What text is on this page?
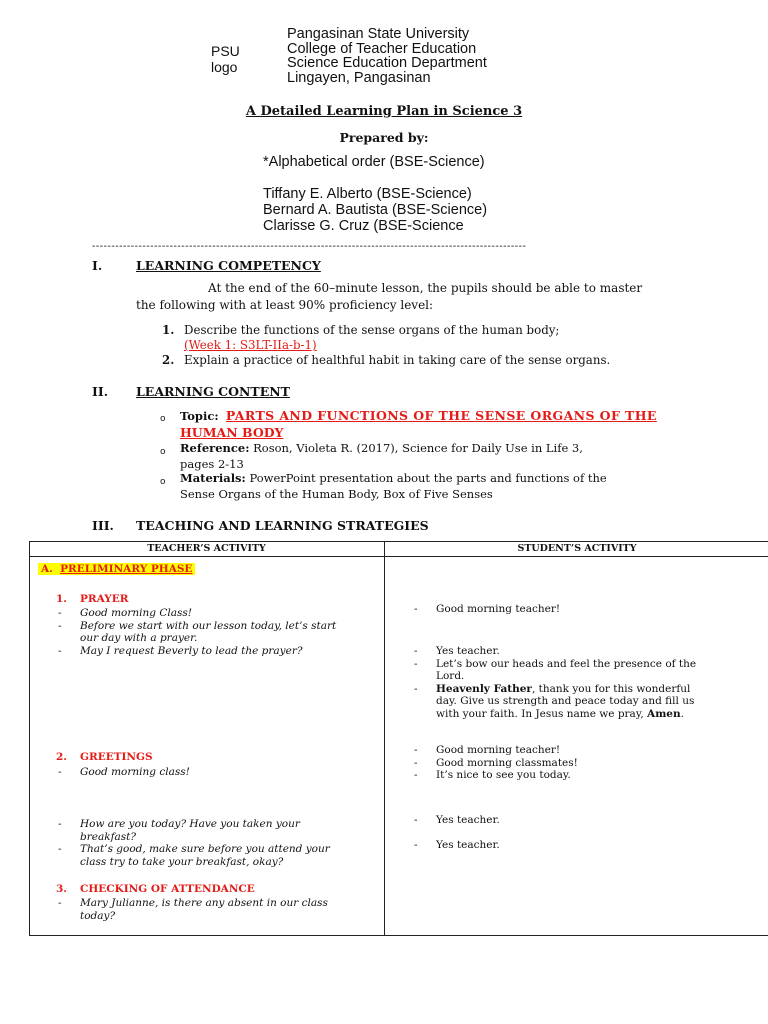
PSU
logo
Pangasinan State University
College of Teacher Education
Science Education Department
Lingayen, Pangasinan
A Detailed Learning Plan in Science 3
Prepared by:
*Alphabetical order (BSE-Science)
Tiffany E. Alberto (BSE-Science)
Bernard A. Bautista (BSE-Science)
Clarisse G. Cruz (BSE-Science
----------------------------------------------------------------------------------------------------------------
I.	LEARNING COMPETENCY
At the end of the 60–minute lesson, the pupils should be able to master
the following with at least 90% proficiency level:
1. Describe the functions of the sense organs of the human body;
(Week 1: S3LT-IIa-b-1)
2. Explain a practice of healthful habit in taking care of the sense organs.
II. LEARNING CONTENT
o Topic: PARTS AND FUNCTIONS OF THE SENSE ORGANS OF THE
HUMAN BODY
o Reference: Roson, Violeta R. (2017), Science for Daily Use in Life 3,
pages 2-13
o Materials: PowerPoint presentation about the parts and functions of the
Sense Organs of the Human Body, Box of Five Senses
III. TEACHING AND LEARNING STRATEGIES
TEACHER’S ACTIVITY	STUDENT’S ACTIVITY
A. PRELIMINARY PHASE
1. PRAYER
- Good morning Class!
- Before we start with our lesson today, let’s start
our day with a prayer.
- May I request Beverly to lead the prayer?
- Good morning teacher!
- Yes teacher.
- Let’s bow our heads and feel the presence of the
Lord.
- Heavenly Father, thank you for this wonderful
day. Give us strength and peace today and fill us
with your faith. In Jesus name we pray, Amen.
2. GREETINGS
- Good morning class!
- How are you today? Have you taken your
breakfast?
- That’s good, make sure before you attend your
class try to take your breakfast, okay?
- Good morning teacher!
- Good morning classmates!
- It’s nice to see you today.
- Yes teacher.
- Yes teacher.
3. CHECKING OF ATTENDANCE
- Mary Julianne, is there any absent in our class
today?
